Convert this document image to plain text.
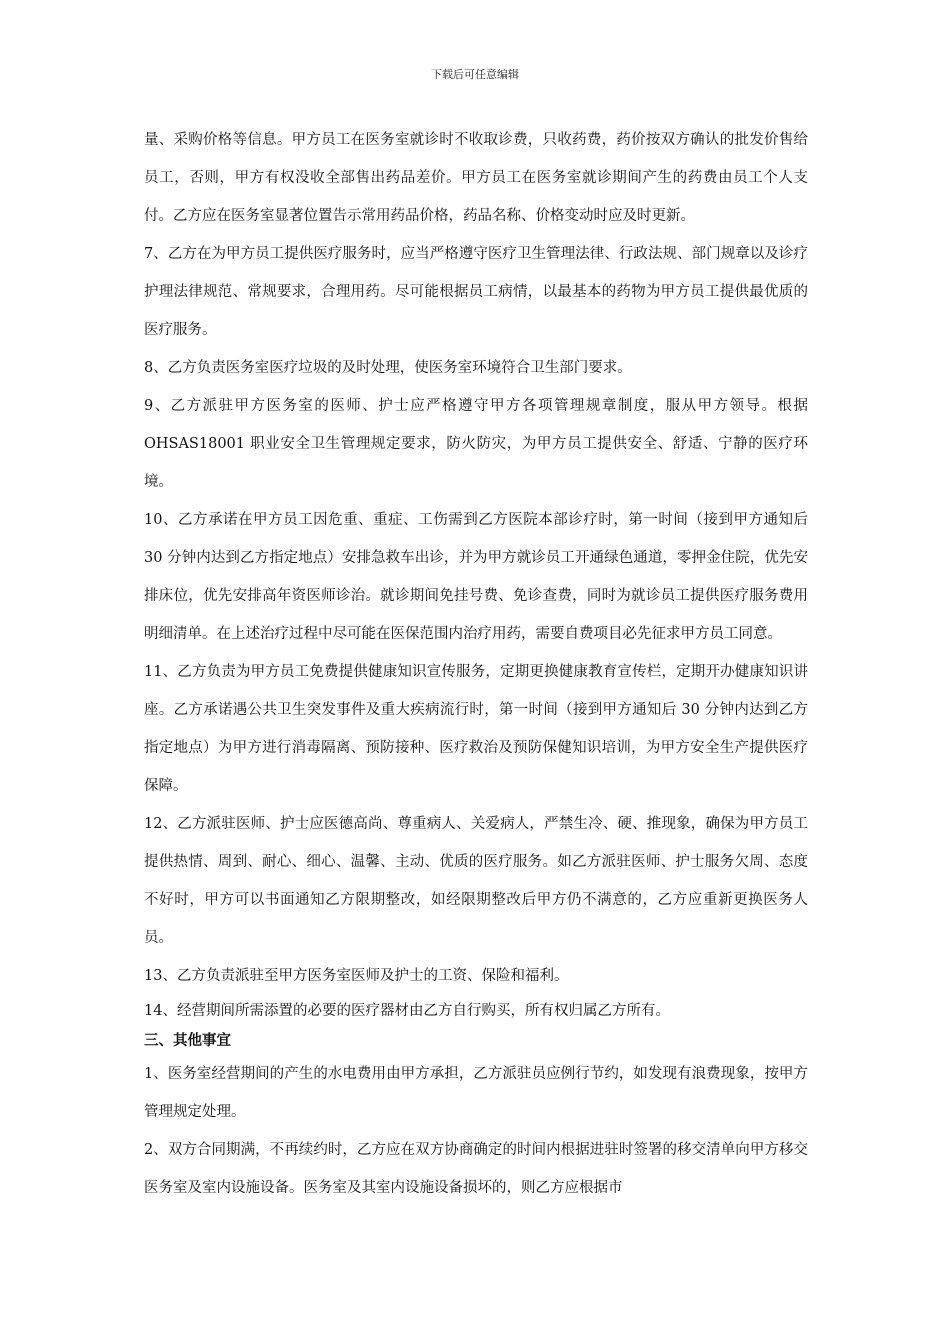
下载后可任意编辑

量、采购价格等信息。甲方员工在医务室就诊时不收取诊费，只收药费，药价按双方确认的批发价售给员工，否则，甲方有权没收全部售出药品差价。甲方员工在医务室就诊期间产生的药费由员工个人支付。乙方应在医务室显著位置告示常用药品价格，药品名称、价格变动时应及时更新。

7、乙方在为甲方员工提供医疗服务时，应当严格遵守医疗卫生管理法律、行政法规、部门规章以及诊疗护理法律规范、常规要求，合理用药。尽可能根据员工病情，以最基本的药物为甲方员工提供最优质的医疗服务。

8、乙方负责医务室医疗垃圾的及时处理，使医务室环境符合卫生部门要求。

9、乙方派驻甲方医务室的医师、护士应严格遵守甲方各项管理规章制度，服从甲方领导。根据 OHSAS18001 职业安全卫生管理规定要求，防火防灾，为甲方员工提供安全、舒适、宁静的医疗环境。

10、乙方承诺在甲方员工因危重、重症、工伤需到乙方医院本部诊疗时，第一时间（接到甲方通知后 30 分钟内达到乙方指定地点）安排急救车出诊，并为甲方就诊员工开通绿色通道，零押金住院，优先安排床位，优先安排高年资医师诊治。就诊期间免挂号费、免诊查费，同时为就诊员工提供医疗服务费用明细清单。在上述治疗过程中尽可能在医保范围内治疗用药，需要自费项目必先征求甲方员工同意。

11、乙方负责为甲方员工免费提供健康知识宣传服务，定期更换健康教育宣传栏，定期开办健康知识讲座。乙方承诺遇公共卫生突发事件及重大疾病流行时，第一时间（接到甲方通知后 30 分钟内达到乙方指定地点）为甲方进行消毒隔离、预防接种、医疗救治及预防保健知识培训，为甲方安全生产提供医疗保障。

12、乙方派驻医师、护士应医德高尚、尊重病人、关爱病人，严禁生冷、硬、推现象，确保为甲方员工提供热情、周到、耐心、细心、温馨、主动、优质的医疗服务。如乙方派驻医师、护士服务欠周、态度不好时，甲方可以书面通知乙方限期整改，如经限期整改后甲方仍不满意的，乙方应重新更换医务人员。

13、乙方负责派驻至甲方医务室医师及护士的工资、保险和福利。

14、经营期间所需添置的必要的医疗器材由乙方自行购买，所有权归属乙方所有。

三、其他事宜

1、医务室经营期间的产生的水电费用由甲方承担，乙方派驻员应例行节约，如发现有浪费现象，按甲方管理规定处理。

2、双方合同期满，不再续约时，乙方应在双方协商确定的时间内根据进驻时签署的移交清单向甲方移交医务室及室内设施设备。医务室及其室内设施设备损坏的，则乙方应根据市
